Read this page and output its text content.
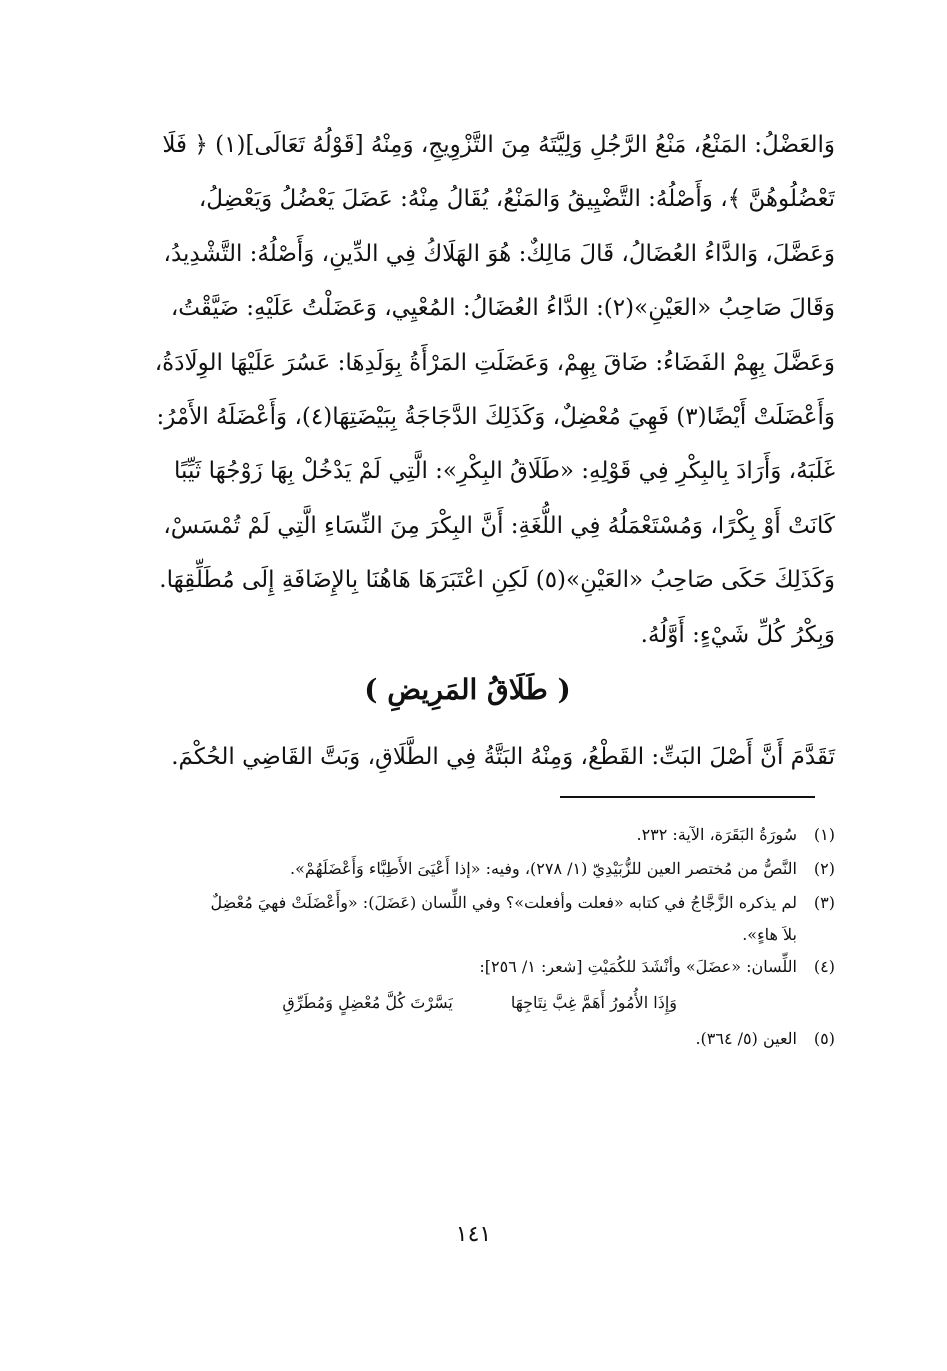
وَالعَضْلُ: المَنْعُ، مَنْعُ الرَّجُلِ وَلِيَّتَهُ مِنَ التَّزْوِيجِ، وَمِنْهُ [قَوْلُهُ تَعَالَى](١) ﴿ فَلَا
تَعْضُلُوهُنَّ ﴾، وَأَصْلُهُ: التَّضْيِيقُ وَالمَنْعُ، يُقَالُ مِنْهُ: عَضَلَ يَعْضُلُ وَيَعْضِلُ،
وَعَضَّلَ، وَالدَّاءُ العُضَالُ، قَالَ مَالِكٌ: هُوَ الهَلَاكُ فِي الدِّينِ، وَأَصْلُهُ: التَّشْدِيدُ،
وَقَالَ صَاحِبُ «العَيْنِ»(٢): الدَّاءُ العُضَالُ: المُعْيِي، وَعَضَلْتُ عَلَيْهِ: ضَيَّقْتُ،
وَعَضَّلَ بِهِمْ الفَضَاءُ: ضَاقَ بِهِمْ، وَعَضَلَتِ المَرْأَةُ بِوَلَدِهَا: عَسُرَ عَلَيْهَا الوِلَادَةُ،
وَأَعْضَلَتْ أَيْضًا(٣) فَهِيَ مُعْضِلٌ، وَكَذَلِكَ الدَّجَاجَةُ بِبَيْضَتِهَا(٤)، وَأَعْضَلَهُ الأَمْرُ:
غَلَبَهُ، وَأَرَادَ بِالبِكْرِ فِي قَوْلِهِ: «طَلَاقُ البِكْرِ»: الَّتِي لَمْ يَدْخُلْ بِهَا زَوْجُهَا ثَيِّبًا
كَانَتْ أَوْ بِكْرًا، وَمُسْتَعْمَلُهُ فِي اللُّغَةِ: أَنَّ البِكْرَ مِنَ النِّسَاءِ الَّتِي لَمْ تُمْسَسْ،
وَكَذَلِكَ حَكَى صَاحِبُ «العَيْنِ»(٥) لَكِنِ اعْتَبَرَهَا هَاهُنَا بِالإِضَافَةِ إِلَى مُطَلِّقِهَا.
وَبِكْرُ كُلِّ شَيْءٍ: أَوَّلُهُ.
( طَلَاقُ المَرِيضِ )
تَقَدَّمَ أَنَّ أَصْلَ البَتِّ: القَطْعُ، وَمِنْهُ البَتَّةُ فِي الطَّلَاقِ، وَبَتَّ القَاضِي الحُكْمَ.
(١)
سُورَةُ البَقَرَة، الآية: ٢٣٢.
(٢)
النَّصُّ من مُختصر العين للزُّبَيْدِيّ (١/ ٢٧٨)، وفيه: «إذا أَعْيَىَ الأَطِبَّاء وَأَعْضَلَهُمْ».
(٣)
لم يذكره الزَّجَّاجُ في كتابه «فعلت وأفعلت»؟ وفي اللِّسان (عَضَلَ): «وأَعْضَلَتْ فهيَ مُعْضِلٌ
بلاَ هاءٍ».
(٤)
اللِّسان: «عضَلَ» وأنْشَدَ للكُمَيْتِ [شعر: ١/ ٢٥٦]:
وَإِذَا الأُمُورُ أَهَمَّ غِبَّ نِتَاجِهَا
يَسَّرْتَ كُلَّ مُعْضِلٍ وَمُطَرِّقِ
(٥)
العين (٥/ ٣٦٤).
١٤١
